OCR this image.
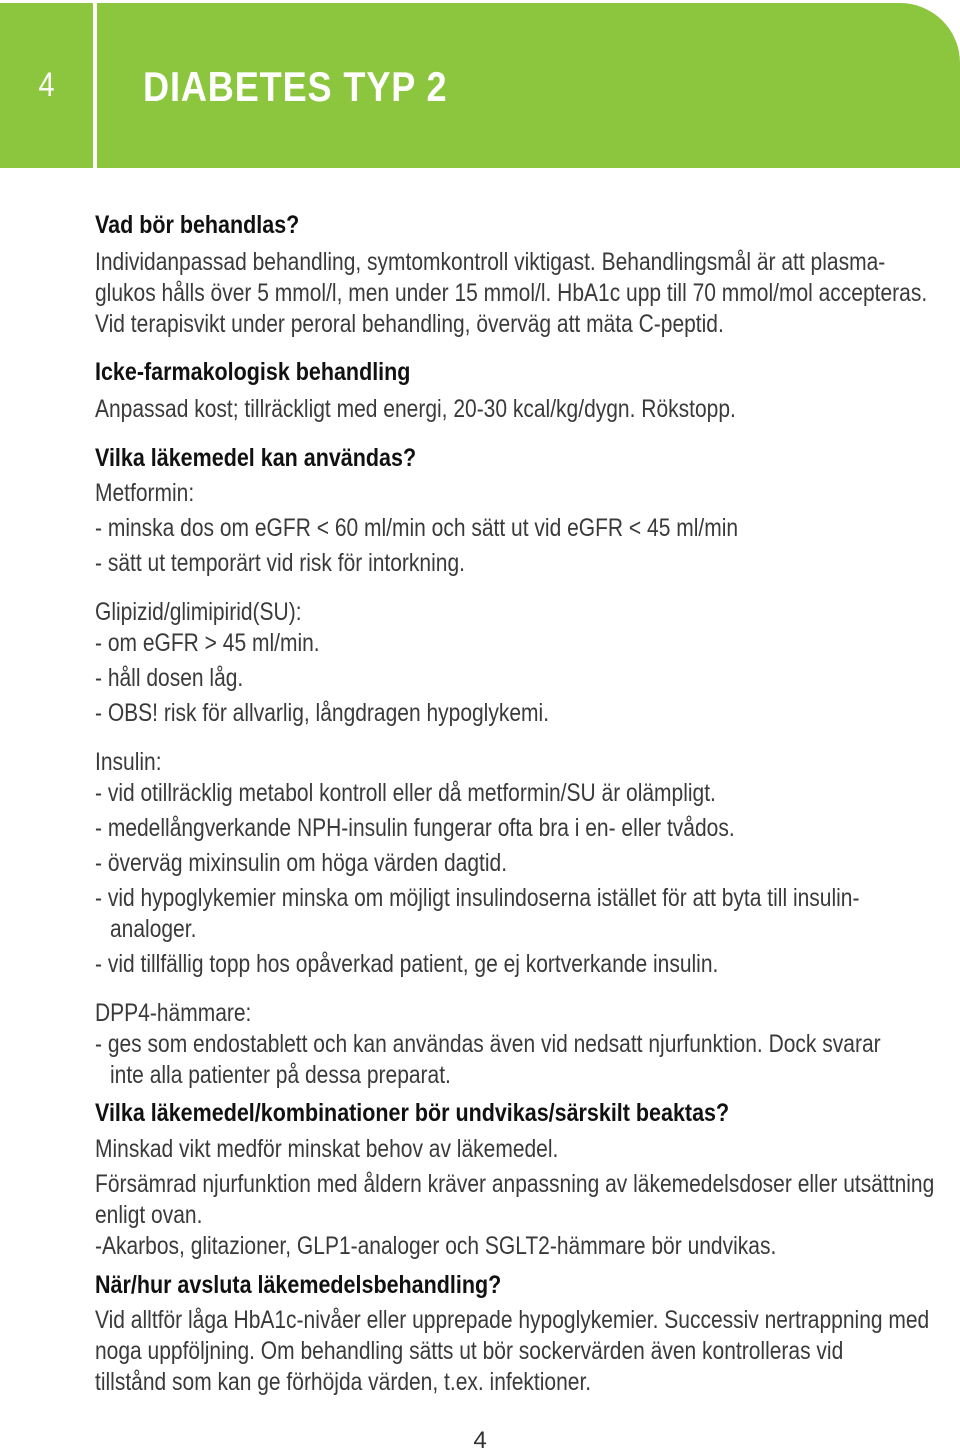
4	DIABETES TYP 2
Vad bör behandlas?
Individanpassad behandling, symtomkontroll viktigast. Behandlingsmål är att plasma-
glukos hålls över 5 mmol/l, men under 15 mmol/l. HbA1c upp till 70 mmol/mol accepteras.
Vid terapisvikt under peroral behandling, överväg att mäta C-peptid.
Icke-farmakologisk behandling
Anpassad kost; tillräckligt med energi, 20-30 kcal/kg/dygn. Rökstopp.
Vilka läkemedel kan användas?
Metformin:
- minska dos om eGFR < 60 ml/min och sätt ut vid eGFR < 45 ml/min
- sätt ut temporärt vid risk för intorkning.
Glipizid/glimipirid(SU):
- om eGFR > 45 ml/min.
- håll dosen låg.
- OBS! risk för allvarlig, långdragen hypoglykemi.
Insulin:
- vid otillräcklig metabol kontroll eller då metformin/SU är olämpligt.
- medellångverkande NPH-insulin fungerar ofta bra i en- eller tvådos.
- överväg mixinsulin om höga värden dagtid.
- vid hypoglykemier minska om möjligt insulindoserna istället för att byta till insulin-
analoger.
- vid tillfällig topp hos opåverkad patient, ge ej kortverkande insulin.
DPP4-hämmare:
- ges som endostablett och kan användas även vid nedsatt njurfunktion. Dock svarar
inte alla patienter på dessa preparat.
Vilka läkemedel/kombinationer bör undvikas/särskilt beaktas?
Minskad vikt medför minskat behov av läkemedel.
Försämrad njurfunktion med åldern kräver anpassning av läkemedelsdoser eller utsättning
enligt ovan.
-Akarbos, glitazioner, GLP1-analoger och SGLT2-hämmare bör undvikas.
När/hur avsluta läkemedelsbehandling?
Vid alltför låga HbA1c-nivåer eller upprepade hypoglykemier. Successiv nertrappning med
noga uppföljning. Om behandling sätts ut bör sockervärden även kontrolleras vid
tillstånd som kan ge förhöjda värden, t.ex. infektioner.
4
